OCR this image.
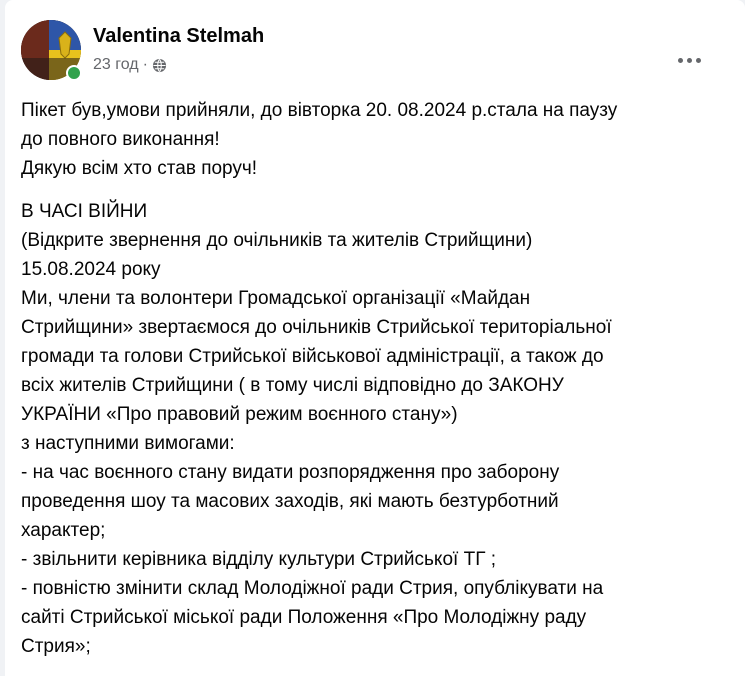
Valentina Stelmah
23 год ·
Пікет був,умови прийняли, до вівторка 20. 08.2024 р.стала на паузу
до повного виконання!
Дякую всім хто став поруч!
В ЧАСІ ВІЙНИ
(Відкрите звернення до очільників та жителів Стрийщини)
15.08.2024 року
Ми, члени та волонтери Громадської організації «Майдан
Стрийщини» звертаємося до очільників Стрийської територіальної
громади та голови Стрийської військової адміністрації, а також до
всіх жителів Стрийщини ( в тому числі відповідно до ЗАКОНУ
УКРАЇНИ «Про правовий режим воєнного стану»)
з наступними вимогами:
- на час воєнного стану видати розпорядження про заборону
проведення шоу та масових заходів, які мають безтурботний
характер;
- звільнити керівника відділу культури Стрийської ТГ ;
- повністю змінити склад Молодіжної ради Стрия, опублікувати на
сайті Стрийської міської ради Положення «Про Молодіжну раду
Стрия»;
